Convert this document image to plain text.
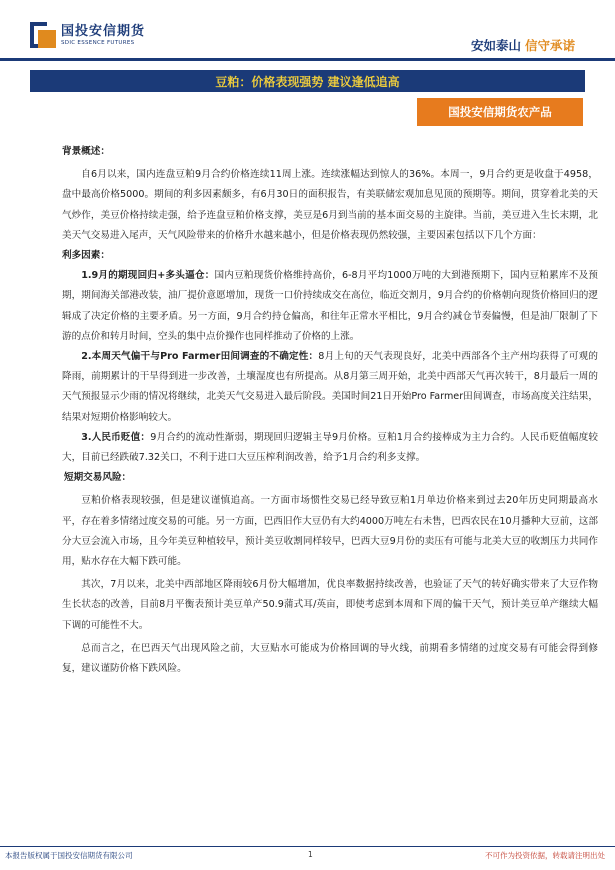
国投安信期货
SDIC ESSENCE FUTURES	安如泰山 信守承诺
豆粕：价格表现强势 建议逢低追高
国投安信期货农产品

背景概述：

自6月以来，国内连盘豆粕9月合约价格连续11周上涨。连续涨幅达到惊人的36%。本周一，9月合约更是收盘于4958，盘中最高价格5000。期间的利多因素颇多，有6月30日的面积报告，有美联储宏观加息见顶的预期等。期间，贯穿着北美的天气炒作，美豆价格持续走强，给予连盘豆粕价格支撑，美豆是6月到当前的基本面交易的主旋律。当前，美豆进入生长末期，北美天气交易进入尾声，天气风险带来的价格升水越来越小，但是价格表现仍然较强，主要因素包括以下几个方面：

利多因素：

1.9月的期现回归+多头逼仓：国内豆粕现货价格维持高价，6-8月平均1000万吨的大到港预期下，国内豆粕累库不及预期，期间海关部港改装，油厂提价意愿增加，现货一口价持续成交在高位，临近交割月，9月合约的价格朝向现货价格回归的逻辑成了决定价格的主要矛盾。另一方面，9月合约持仓偏高，和往年正常水平相比，9月合约减仓节奏偏慢，但是油厂限制了下游的点价和转月时间，空头的集中点价操作也同样推动了价格的上涨。

2.本周天气偏干与Pro Farmer田间调查的不确定性：8月上旬的天气表现良好，北美中西部各个主产州均获得了可观的降雨，前期累计的干旱得到进一步改善，土壤湿度也有所提高。从8月第三周开始，北美中西部天气再次转干，8月最后一周的天气预报显示少雨的情况将继续，北美天气交易进入最后阶段。美国时间21日开始Pro Farmer田间调查，市场高度关注结果，结果对短期价格影响较大。

3.人民币贬值：9月合约的流动性渐弱，期现回归逻辑主导9月价格。豆粕1月合约接棒成为主力合约。人民币贬值幅度较大，目前已经跌破7.32关口，不利于进口大豆压榨利润改善，给予1月合约利多支撑。

短期交易风险：

豆粕价格表现较强，但是建议谨慎追高。一方面市场惯性交易已经导致豆粕1月单边价格来到过去20年历史同期最高水平，存在着多情绪过度交易的可能。另一方面，巴西旧作大豆仍有大约4000万吨左右未售，巴西农民在10月播种大豆前，这部分大豆会流入市场，且今年美豆种植较早，预计美豆收割同样较早，巴西大豆9月份的卖压有可能与北美大豆的收割压力共同作用，贴水存在大幅下跌可能。

其次，7月以来，北美中西部地区降雨较6月份大幅增加，优良率数据持续改善，也验证了天气的转好确实带来了大豆作物生长状态的改善，目前8月平衡表预计美豆单产50.9蒲式耳/英亩，即使考虑到本周和下周的偏干天气，预计美豆单产继续大幅下调的可能性不大。

总而言之，在巴西天气出现风险之前，大豆贴水可能成为价格回调的导火线，前期看多情绪的过度交易有可能会得到修复，建议谨防价格下跌风险。

本报告版权属于国投安信期货有限公司	1	不可作为投资依据，转载请注明出处
